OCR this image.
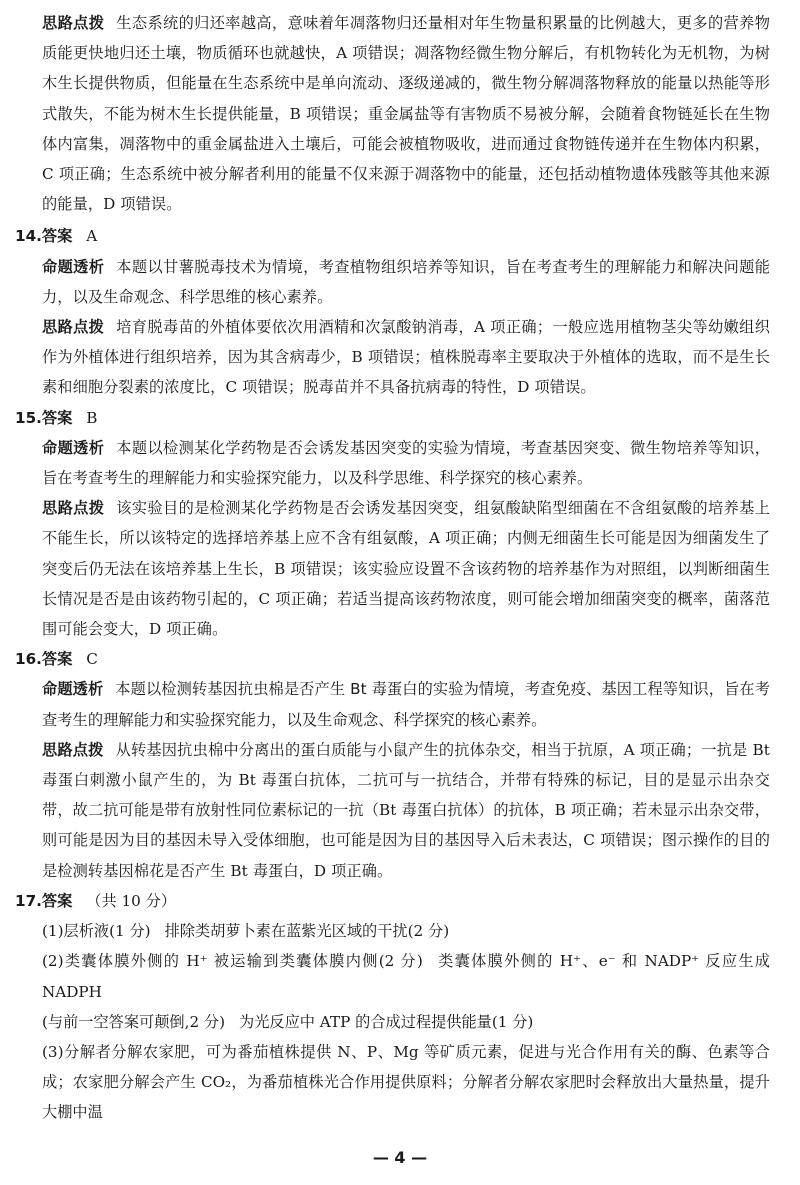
思路点拨 生态系统的归还率越高，意味着年凋落物归还量相对年生物量积累量的比例越大，更多的营养物质能更快地归还土壤，物质循环也就越快，A 项错误；凋落物经微生物分解后，有机物转化为无机物，为树木生长提供物质，但能量在生态系统中是单向流动、逐级递减的，微生物分解凋落物释放的能量以热能等形式散失，不能为树木生长提供能量，B 项错误；重金属盐等有害物质不易被分解，会随着食物链延长在生物体内富集，凋落物中的重金属盐进入土壤后，可能会被植物吸收，进而通过食物链传递并在生物体内积累，C 项正确；生态系统中被分解者利用的能量不仅来源于凋落物中的能量，还包括动植物遗体残骸等其他来源的能量，D 项错误。

14.答案 A

命题透析 本题以甘薯脱毒技术为情境，考查植物组织培养等知识，旨在考查考生的理解能力和解决问题能力，以及生命观念、科学思维的核心素养。

思路点拨 培育脱毒苗的外植体要依次用酒精和次氯酸钠消毒，A 项正确；一般应选用植物茎尖等幼嫩组织作为外植体进行组织培养，因为其含病毒少，B 项错误；植株脱毒率主要取决于外植体的选取，而不是生长素和细胞分裂素的浓度比，C 项错误；脱毒苗并不具备抗病毒的特性，D 项错误。

15.答案 B

命题透析 本题以检测某化学药物是否会诱发基因突变的实验为情境，考查基因突变、微生物培养等知识，旨在考查考生的理解能力和实验探究能力，以及科学思维、科学探究的核心素养。

思路点拨 该实验目的是检测某化学药物是否会诱发基因突变，组氨酸缺陷型细菌在不含组氨酸的培养基上不能生长，所以该特定的选择培养基上应不含有组氨酸，A 项正确；内侧无细菌生长可能是因为细菌发生了突变后仍无法在该培养基上生长，B 项错误；该实验应设置不含该药物的培养基作为对照组，以判断细菌生长情况是否是由该药物引起的，C 项正确；若适当提高该药物浓度，则可能会增加细菌突变的概率，菌落范围可能会变大，D 项正确。

16.答案 C

命题透析 本题以检测转基因抗虫棉是否产生 Bt 毒蛋白的实验为情境，考查免疫、基因工程等知识，旨在考查考生的理解能力和实验探究能力，以及生命观念、科学探究的核心素养。

思路点拨 从转基因抗虫棉中分离出的蛋白质能与小鼠产生的抗体杂交，相当于抗原，A 项正确；一抗是 Bt 毒蛋白刺激小鼠产生的，为 Bt 毒蛋白抗体，二抗可与一抗结合，并带有特殊的标记，目的是显示出杂交带，故二抗可能是带有放射性同位素标记的一抗（Bt 毒蛋白抗体）的抗体，B 项正确；若未显示出杂交带，则可能是因为目的基因未导入受体细胞，也可能是因为目的基因导入后未表达，C 项错误；图示操作的目的是检测转基因棉花是否产生 Bt 毒蛋白，D 项正确。

17.答案 （共 10 分）

(1)层析液(1 分) 排除类胡萝卜素在蓝紫光区域的干扰(2 分)

(2)类囊体膜外侧的 H⁺ 被运输到类囊体膜内侧(2 分) 类囊体膜外侧的 H⁺、e⁻ 和 NADP⁺ 反应生成 NADPH
(与前一空答案可颠倒,2 分) 为光反应中 ATP 的合成过程提供能量(1 分)

(3)分解者分解农家肥，可为番茄植株提供 N、P、Mg 等矿质元素，促进与光合作用有关的酶、色素等合成；农家肥分解会产生 CO₂，为番茄植株光合作用提供原料；分解者分解农家肥时会释放出大量热量，提升大棚中温

— 4 —
